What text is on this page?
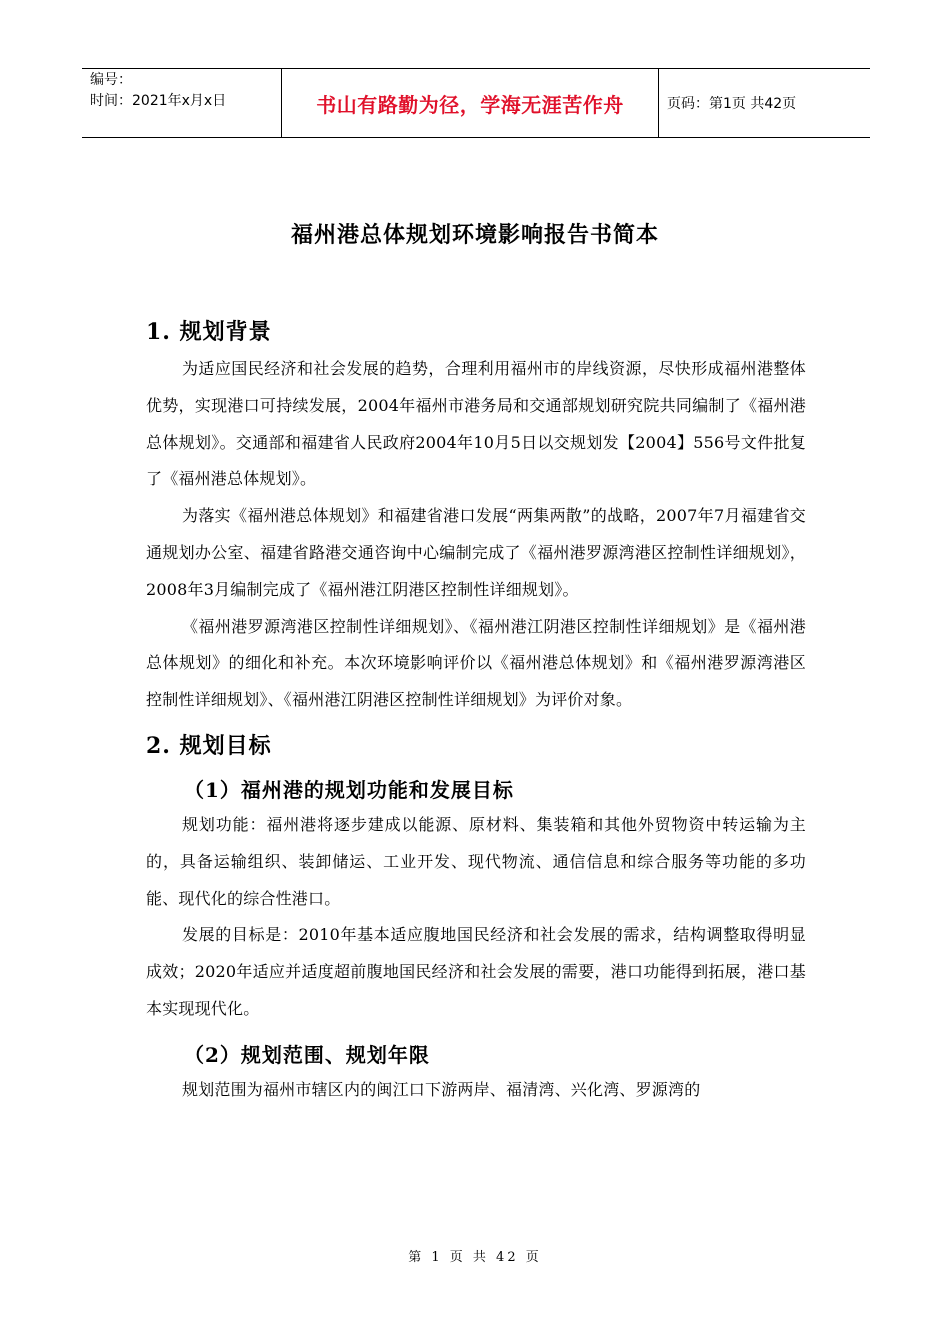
编号：
时间：2021年x月x日	书山有路勤为径，学海无涯苦作舟	页码：第1页 共42页
福州港总体规划环境影响报告书简本
1. 规划背景

为适应国民经济和社会发展的趋势，合理利用福州市的岸线资源，尽快形成福州港整体优势，实现港口可持续发展，2004年福州市港务局和交通部规划研究院共同编制了《福州港总体规划》。交通部和福建省人民政府2004年10月5日以交规划发【2004】556号文件批复了《福州港总体规划》。

为落实《福州港总体规划》和福建省港口发展“两集两散”的战略，2007年7月福建省交通规划办公室、福建省路港交通咨询中心编制完成了《福州港罗源湾港区控制性详细规划》，2008年3月编制完成了《福州港江阴港区控制性详细规划》。

《福州港罗源湾港区控制性详细规划》、《福州港江阴港区控制性详细规划》是《福州港总体规划》的细化和补充。本次环境影响评价以《福州港总体规划》和《福州港罗源湾港区控制性详细规划》、《福州港江阴港区控制性详细规划》为评价对象。

2. 规划目标
（1）福州港的规划功能和发展目标

规划功能：福州港将逐步建成以能源、原材料、集装箱和其他外贸物资中转运输为主的，具备运输组织、装卸储运、工业开发、现代物流、通信信息和综合服务等功能的多功能、现代化的综合性港口。

发展的目标是：2010年基本适应腹地国民经济和社会发展的需求，结构调整取得明显成效；2020年适应并适度超前腹地国民经济和社会发展的需要，港口功能得到拓展，港口基本实现现代化。

（2）规划范围、规划年限

规划范围为福州市辖区内的闽江口下游两岸、福清湾、兴化湾、罗源湾的

第 1 页 共 42 页
